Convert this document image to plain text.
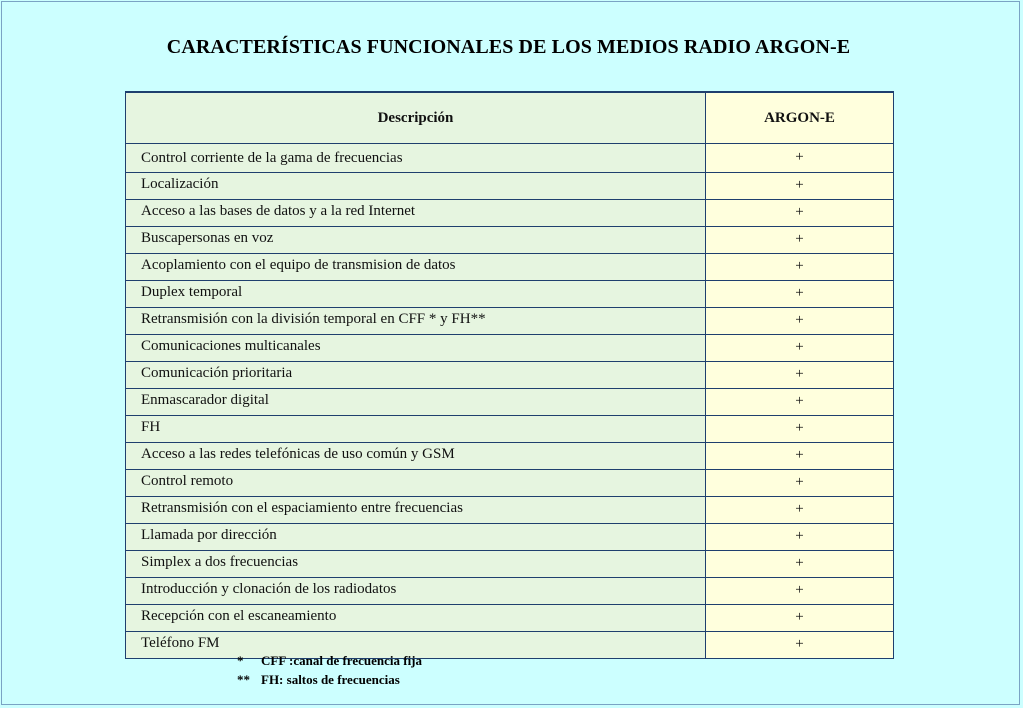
CARACTERÍSTICAS FUNCIONALES DE LOS MEDIOS RADIO ARGON-E
Descripción	ARGON-E
Control corriente de la gama de frecuencias	+
Localización	+
Acceso a las bases de datos y a la red Internet	+
Buscapersonas en voz	+
Acoplamiento con el equipo de transmision de datos	+
Duplex temporal	+
Retransmisión con la división temporal en CFF * y FH**	+
Comunicaciones multicanales	+
Comunicación prioritaria	+
Enmascarador digital	+
FH	+
Acceso a las redes telefónicas de uso común y GSM	+
Control remoto	+
Retransmisión con el espaciamiento entre frecuencias	+
Llamada por dirección	+
Simplex a dos frecuencias	+
Introducción y clonación de los radiodatos	+
Recepción con el escaneamiento	+
Teléfono FM	+
* CFF :canal de frecuencia fija
** FH: saltos de frecuencias
